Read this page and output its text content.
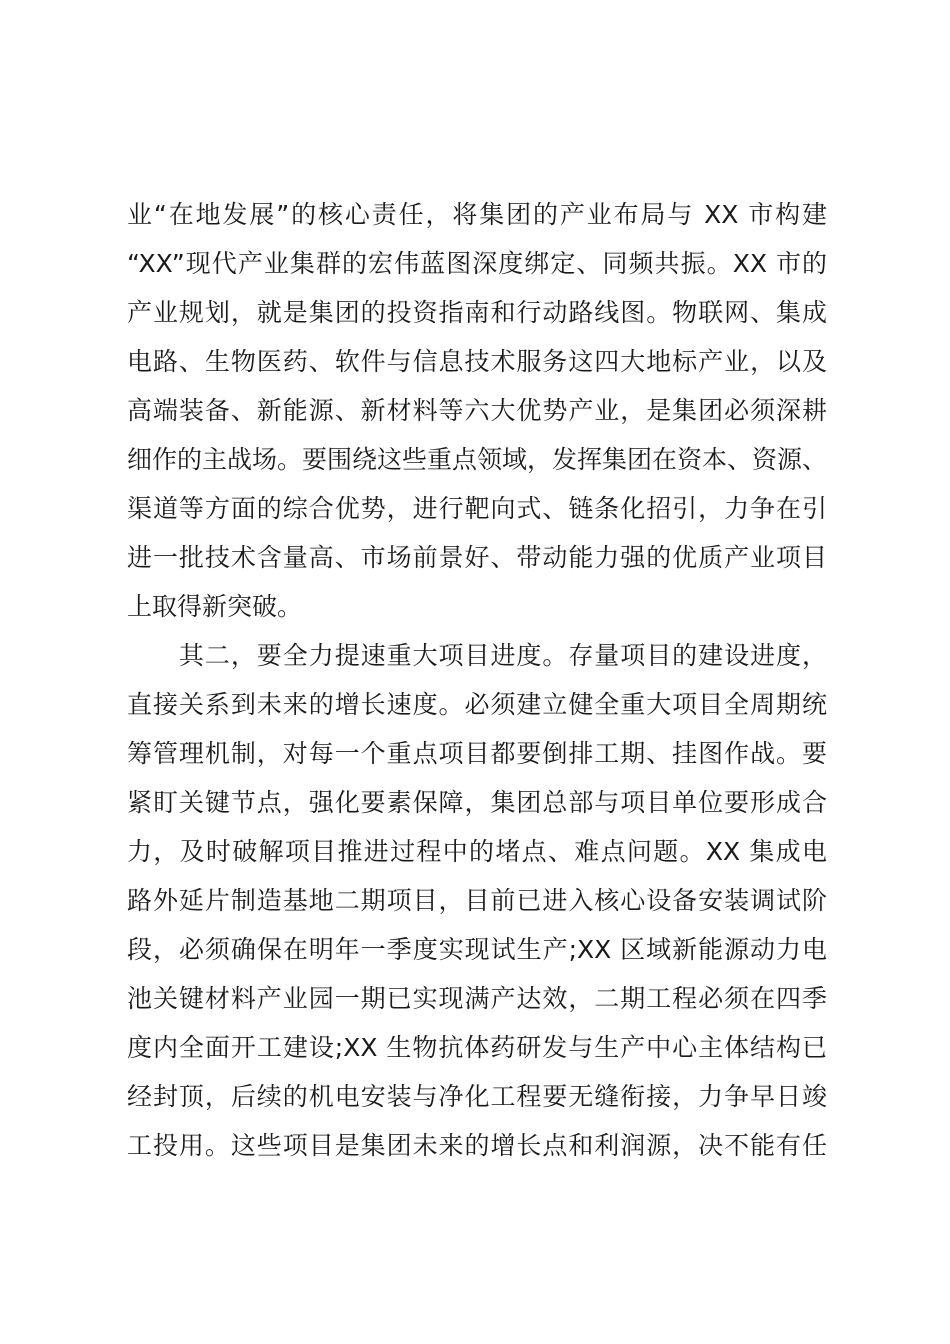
业“在地发展”的核心责任，将集团的产业布局与 XX 市构建
“XX”现代产业集群的宏伟蓝图深度绑定、同频共振。XX 市的
产业规划，就是集团的投资指南和行动路线图。物联网、集成
电路、生物医药、软件与信息技术服务这四大地标产业，以及
高端装备、新能源、新材料等六大优势产业，是集团必须深耕
细作的主战场。要围绕这些重点领域，发挥集团在资本、资源、
渠道等方面的综合优势，进行靶向式、链条化招引，力争在引
进一批技术含量高、市场前景好、带动能力强的优质产业项目
上取得新突破。
　　其二，要全力提速重大项目进度。存量项目的建设进度，
直接关系到未来的增长速度。必须建立健全重大项目全周期统
筹管理机制，对每一个重点项目都要倒排工期、挂图作战。要
紧盯关键节点，强化要素保障，集团总部与项目单位要形成合
力，及时破解项目推进过程中的堵点、难点问题。XX 集成电
路外延片制造基地二期项目，目前已进入核心设备安装调试阶
段，必须确保在明年一季度实现试生产;XX 区域新能源动力电
池关键材料产业园一期已实现满产达效，二期工程必须在四季
度内全面开工建设;XX 生物抗体药研发与生产中心主体结构已
经封顶，后续的机电安装与净化工程要无缝衔接，力争早日竣
工投用。这些项目是集团未来的增长点和利润源，决不能有任
